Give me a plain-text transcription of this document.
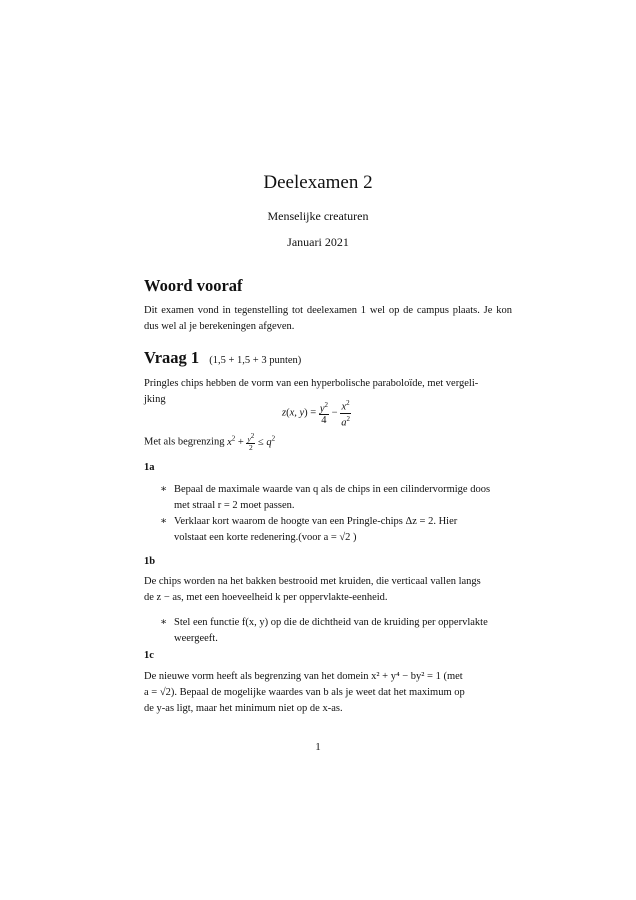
Deelexamen 2
Menselijke creaturen
Januari 2021
Woord vooraf
Dit examen vond in tegenstelling tot deelexamen 1 wel op de campus plaats. Je kon dus wel al je berekeningen afgeven.
Vraag 1 (1,5 + 1,5 + 3 punten)
Pringles chips hebben de vorm van een hyperbolische paraboloïde, met vergeli-
jking
z(x, $y) = \frac{y^2}{4} - \frac{x^2}{a^2}$
Met als begrenzing $x^2 + \frac{y^2}{2} \le q^2$
1a
∗ Bepaal de maximale waarde van q als de chips in een cilindervormige doos
met straal r = 2 moet passen.
∗ Verklaar kort waarom de hoogte van een Pringle-chips Δz = 2. Hier
volstaat een korte redenering.(voor a = √2 )
1b
De chips worden na het bakken bestrooid met kruiden, die verticaal vallen langs
de z − as, met een hoeveelheid k per oppervlakte-eenheid.
∗ Stel een functie f(x, y) op die de dichtheid van de kruiding per oppervlakte
weergeeft.
1c
De nieuwe vorm heeft als begrenzing van het domein x² + y⁴ − by² = 1 (met
a = √2). Bepaal de mogelijke waardes van b als je weet dat het maximum op
de y-as ligt, maar het minimum niet op de x-as.
1
